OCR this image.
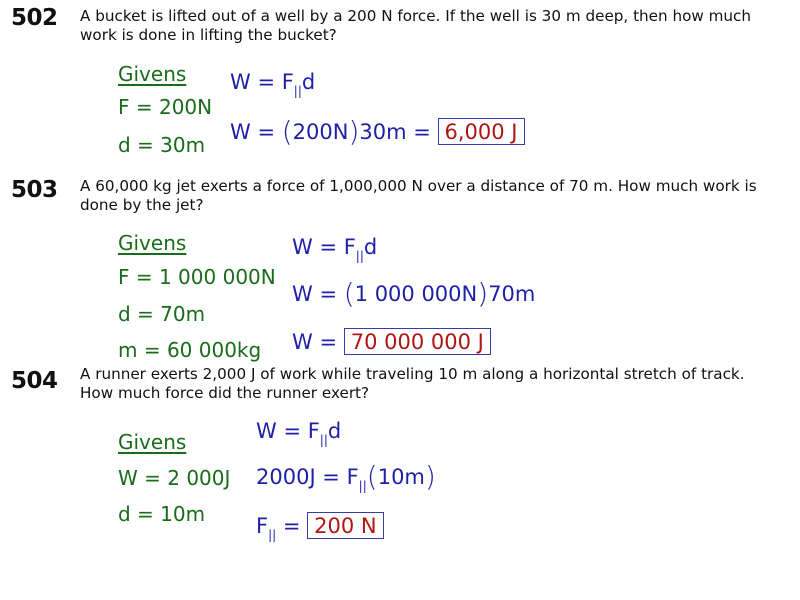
502 A bucket is lifted out of a well by a 200 N force. If the well is 30 m deep, then how much work is done in lifting the bucket?
Givens
F = 200N
d = 30m
$W = F_{||}d$
W = (200N)30m = 6,000 J
503 A 60,000 kg jet exerts a force of 1,000,000 N over a distance of 70 m. How much work is done by the jet?
Givens
F = 1 000 000N
d = 70m
m = 60 000kg
$W = F_{||}d$
W = (1 000 000N)70m
W = 70 000 000 J
504 A runner exerts 2,000 J of work while traveling 10 m along a horizontal stretch of track. How much force did the runner exert?
Givens
W = 2 000J
d = 10m
$W = F_{||}d$
$2000J = F_{||}(10m)$
$F_{||} = 200$ N
